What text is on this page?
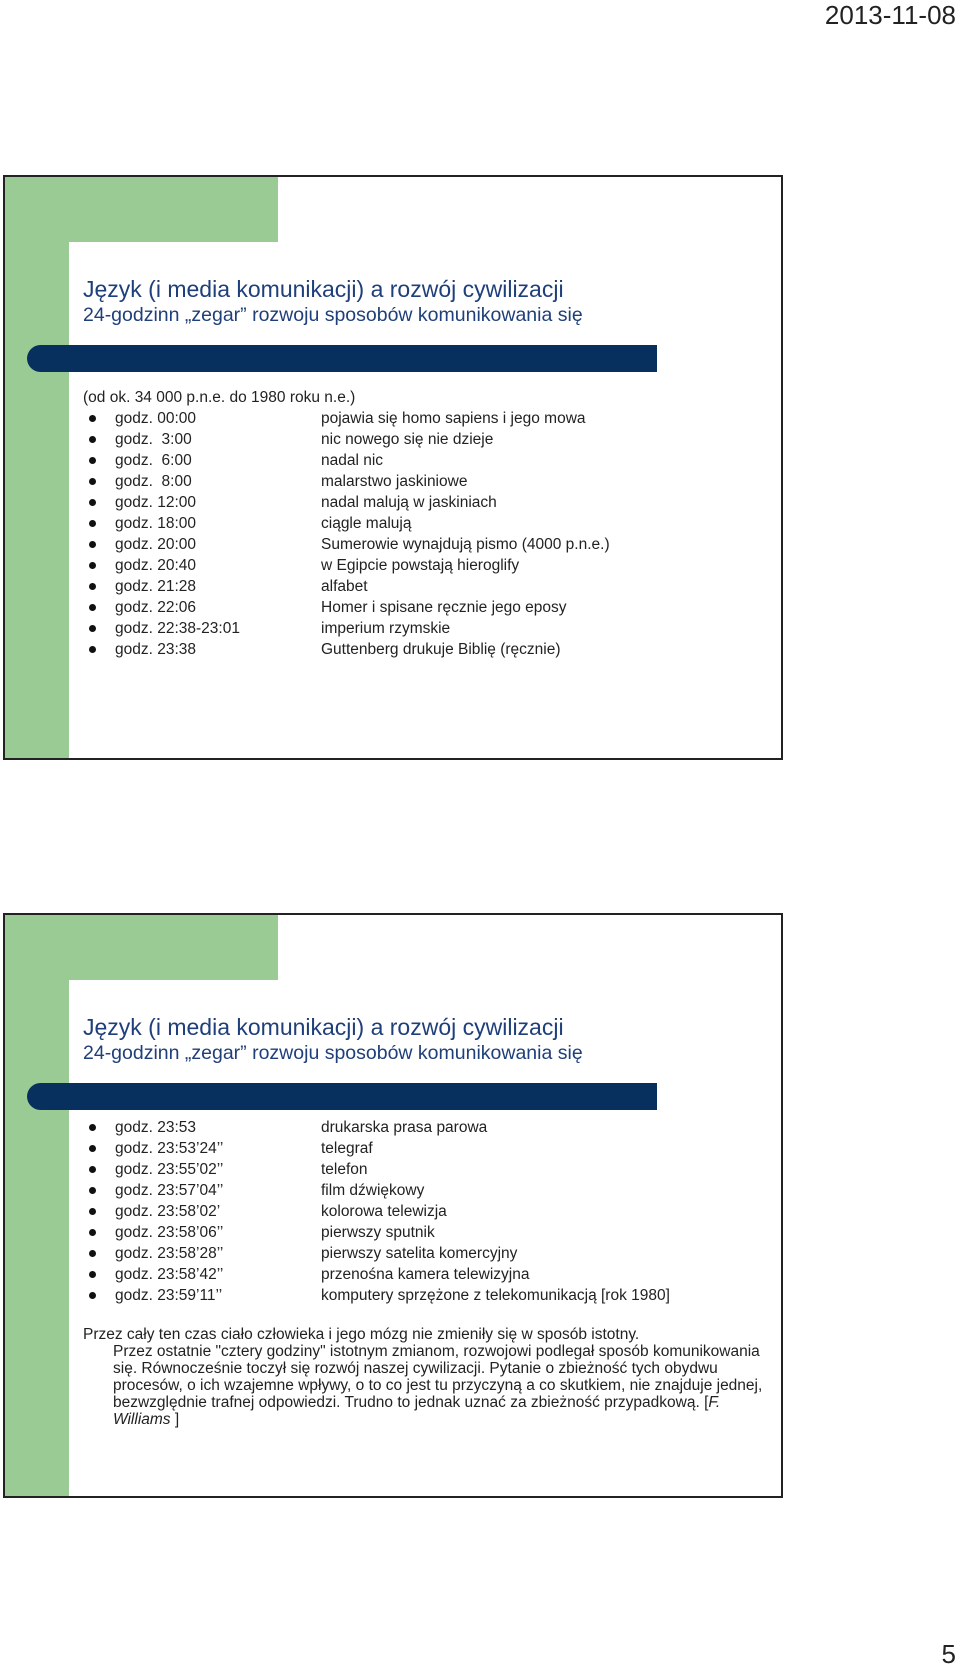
2013-11-08
Język (i media komunikacji) a rozwój cywilizacji
24-godzinn „zegar” rozwoju sposobów komunikowania się
(od ok. 34 000 p.n.e. do 1980 roku n.e.)
godz. 00:00	pojawia się homo sapiens i jego mowa
godz.  3:00	nic nowego się nie dzieje
godz.  6:00	nadal nic
godz.  8:00	malarstwo jaskiniowe
godz. 12:00	nadal malują w jaskiniach
godz. 18:00	ciągle malują
godz. 20:00	Sumerowie wynajdują pismo (4000 p.n.e.)
godz. 20:40	w Egipcie powstają hieroglify
godz. 21:28	alfabet
godz. 22:06	Homer i spisane ręcznie jego eposy
godz. 22:38-23:01	imperium rzymskie
godz. 23:38	Guttenberg drukuje Biblię (ręcznie)
Język (i media komunikacji) a rozwój cywilizacji
24-godzinn „zegar” rozwoju sposobów komunikowania się
godz. 23:53	drukarska prasa parowa
godz. 23:53’24’’	telegraf
godz. 23:55’02’’	telefon
godz. 23:57’04’’	film dźwiękowy
godz. 23:58’02’	kolorowa telewizja
godz. 23:58’06’’	pierwszy sputnik
godz. 23:58’28’’	pierwszy satelita komercyjny
godz. 23:58’42’’	przenośna kamera telewizyjna
godz. 23:59’11’’	komputery sprzężone z telekomunikacją [rok 1980]
Przez cały ten czas ciało człowieka i jego mózg nie zmieniły się w sposób istotny.
Przez ostatnie "cztery godziny" istotnym zmianom, rozwojowi podlegał sposób komunikowania się. Równocześnie toczył się rozwój naszej cywilizacji. Pytanie o zbieżność tych obydwu procesów, o ich wzajemne wpływy, o to co jest tu przyczyną a co skutkiem, nie znajduje jednej, bezwzględnie trafnej odpowiedzi. Trudno to jednak uznać za zbieżność przypadkową. [F. Williams ]
5
